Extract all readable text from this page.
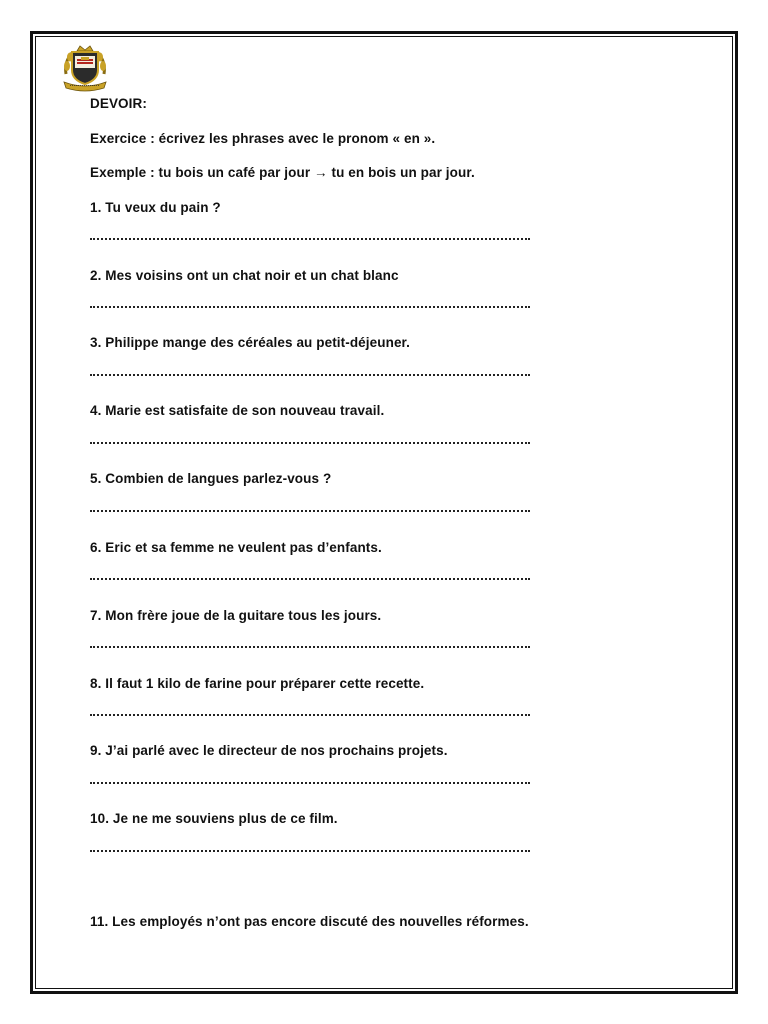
DEVOIR:

Exercice : écrivez les phrases avec le pronom « en ».

Exemple : tu bois un café par jour → tu en bois un par jour.

1. Tu veux du pain ?

2. Mes voisins ont un chat noir et un chat blanc

3. Philippe mange des céréales au petit-déjeuner.

4. Marie est satisfaite de son nouveau travail.

5. Combien de langues parlez-vous ?

6. Eric et sa femme ne veulent pas d’enfants.

7. Mon frère joue de la guitare tous les jours.

8. Il faut 1 kilo de farine pour préparer cette recette.

9. J’ai parlé avec le directeur de nos prochains projets.

10. Je ne me souviens plus de ce film.

11. Les employés n’ont pas encore discuté des nouvelles réformes.
